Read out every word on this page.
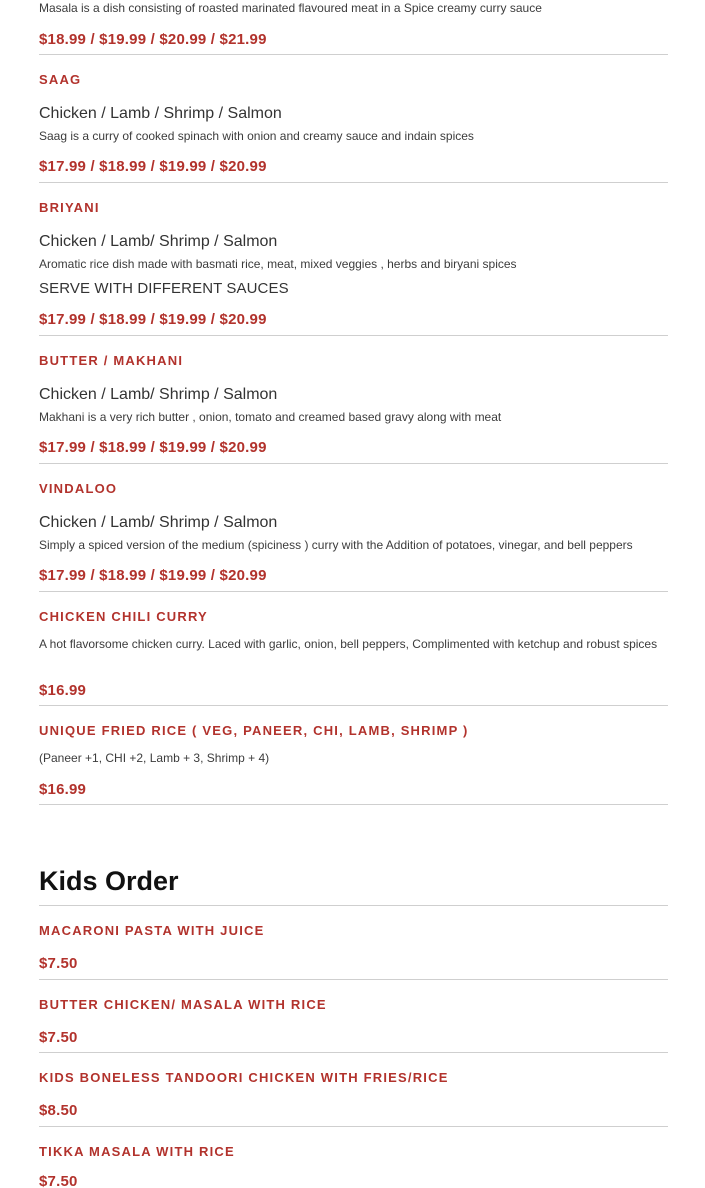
Masala is a dish consisting of roasted marinated flavoured meat in a Spice creamy curry sauce
$18.99 / $19.99 / $20.99 / $21.99
SAAG
Chicken / Lamb / Shrimp / Salmon
Saag is a curry of cooked spinach with onion and creamy sauce and indain spices
$17.99 / $18.99 / $19.99 / $20.99
BRIYANI
Chicken / Lamb/ Shrimp / Salmon
Aromatic rice dish made with basmati rice, meat, mixed veggies , herbs and biryani spices
SERVE WITH DIFFERENT SAUCES
$17.99 / $18.99 / $19.99 / $20.99
BUTTER / MAKHANI
Chicken / Lamb/ Shrimp / Salmon
Makhani is a very rich butter , onion, tomato and creamed based gravy along with meat
$17.99 / $18.99 / $19.99 / $20.99
VINDALOO
Chicken / Lamb/ Shrimp / Salmon
Simply a spiced version of the medium (spiciness ) curry with the Addition of potatoes, vinegar, and bell peppers
$17.99 / $18.99 / $19.99 / $20.99
CHICKEN CHILI CURRY
A hot flavorsome chicken curry. Laced with garlic, onion, bell peppers, Complimented with ketchup and robust spices
$16.99
UNIQUE FRIED RICE ( VEG, PANEER, CHI, LAMB, SHRIMP )
(Paneer +1, CHI +2, Lamb + 3, Shrimp + 4)
$16.99
Kids Order
MACARONI PASTA WITH JUICE
$7.50
BUTTER CHICKEN/ MASALA WITH RICE
$7.50
KIDS BONELESS TANDOORI CHICKEN WITH FRIES/RICE
$8.50
TIKKA MASALA WITH RICE
$7.50
